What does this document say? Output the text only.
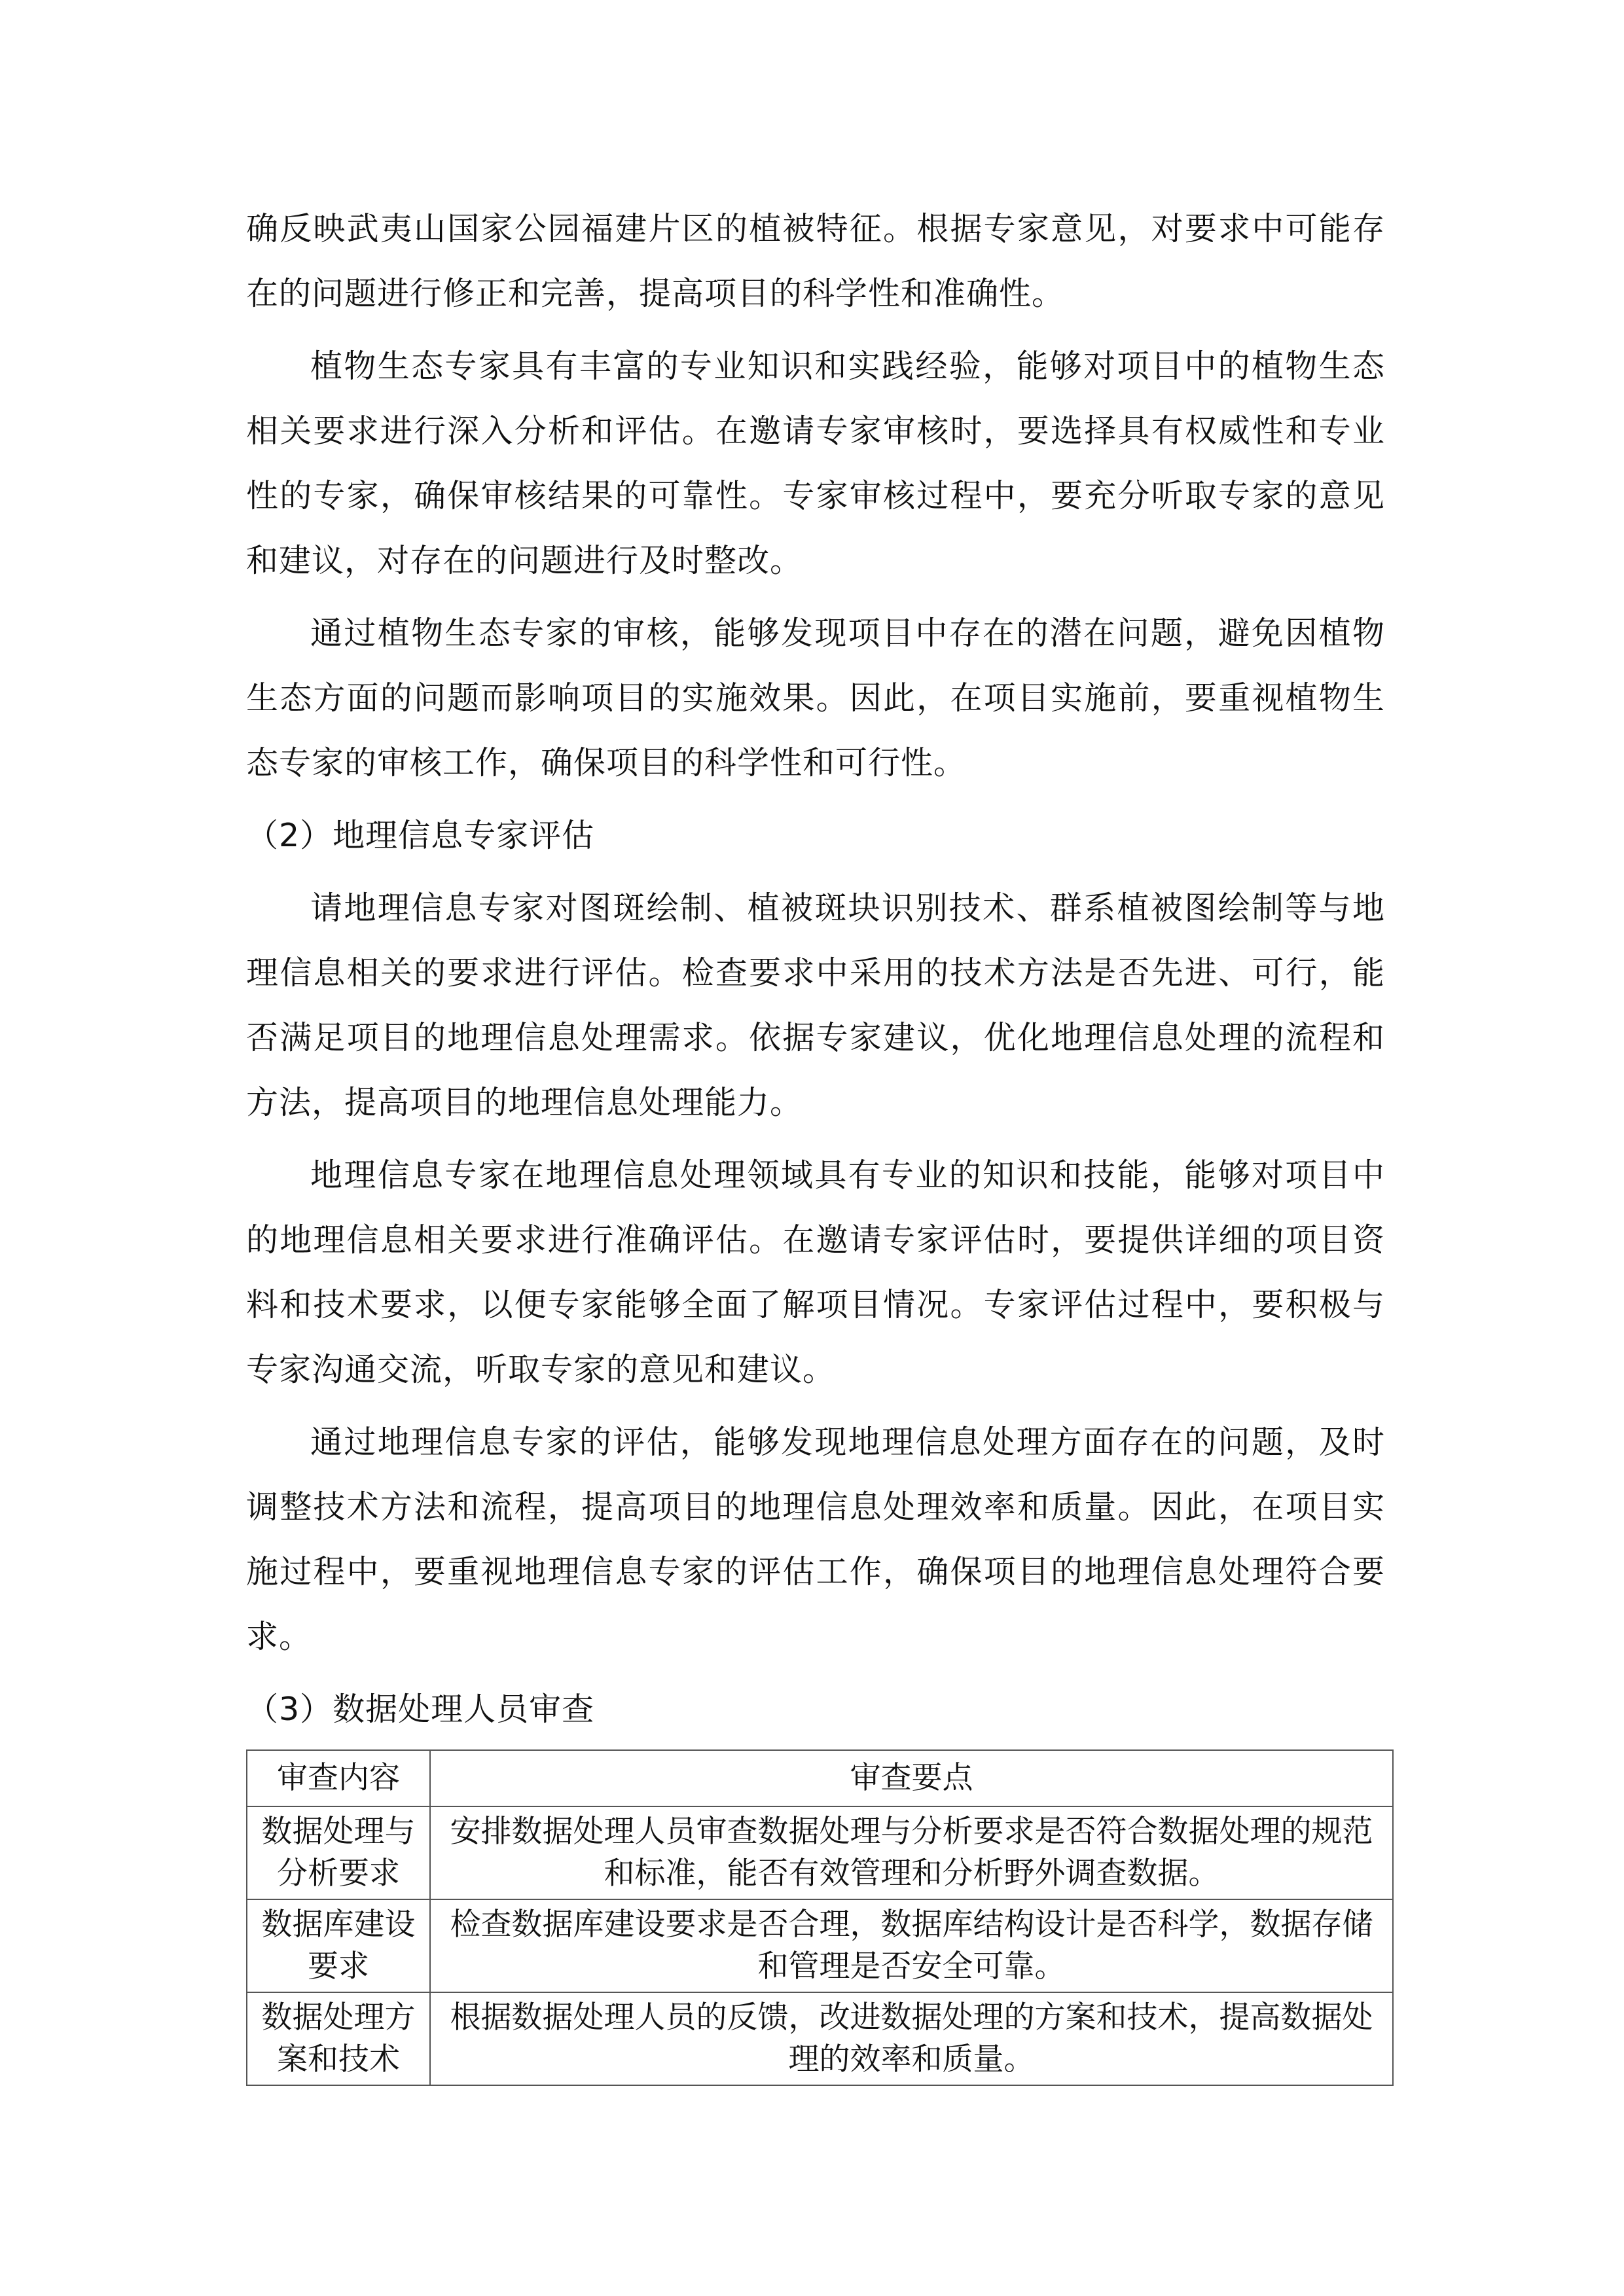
确反映武夷山国家公园福建片区的植被特征。根据专家意见，对要求中可能存在的问题进行修正和完善，提高项目的科学性和准确性。

植物生态专家具有丰富的专业知识和实践经验，能够对项目中的植物生态相关要求进行深入分析和评估。在邀请专家审核时，要选择具有权威性和专业性的专家，确保审核结果的可靠性。专家审核过程中，要充分听取专家的意见和建议，对存在的问题进行及时整改。

通过植物生态专家的审核，能够发现项目中存在的潜在问题，避免因植物生态方面的问题而影响项目的实施效果。因此，在项目实施前，要重视植物生态专家的审核工作，确保项目的科学性和可行性。

（2）地理信息专家评估

请地理信息专家对图斑绘制、植被斑块识别技术、群系植被图绘制等与地理信息相关的要求进行评估。检查要求中采用的技术方法是否先进、可行，能否满足项目的地理信息处理需求。依据专家建议，优化地理信息处理的流程和方法，提高项目的地理信息处理能力。

地理信息专家在地理信息处理领域具有专业的知识和技能，能够对项目中的地理信息相关要求进行准确评估。在邀请专家评估时，要提供详细的项目资料和技术要求，以便专家能够全面了解项目情况。专家评估过程中，要积极与专家沟通交流，听取专家的意见和建议。

通过地理信息专家的评估，能够发现地理信息处理方面存在的问题，及时调整技术方法和流程，提高项目的地理信息处理效率和质量。因此，在项目实施过程中，要重视地理信息专家的评估工作，确保项目的地理信息处理符合要求。

（3）数据处理人员审查

审查内容	审查要点
数据处理与分析要求	安排数据处理人员审查数据处理与分析要求是否符合数据处理的规范和标准，能否有效管理和分析野外调查数据。
数据库建设要求	检查数据库建设要求是否合理，数据库结构设计是否科学，数据存储和管理是否安全可靠。
数据处理方案和技术	根据数据处理人员的反馈，改进数据处理的方案和技术，提高数据处理的效率和质量。
